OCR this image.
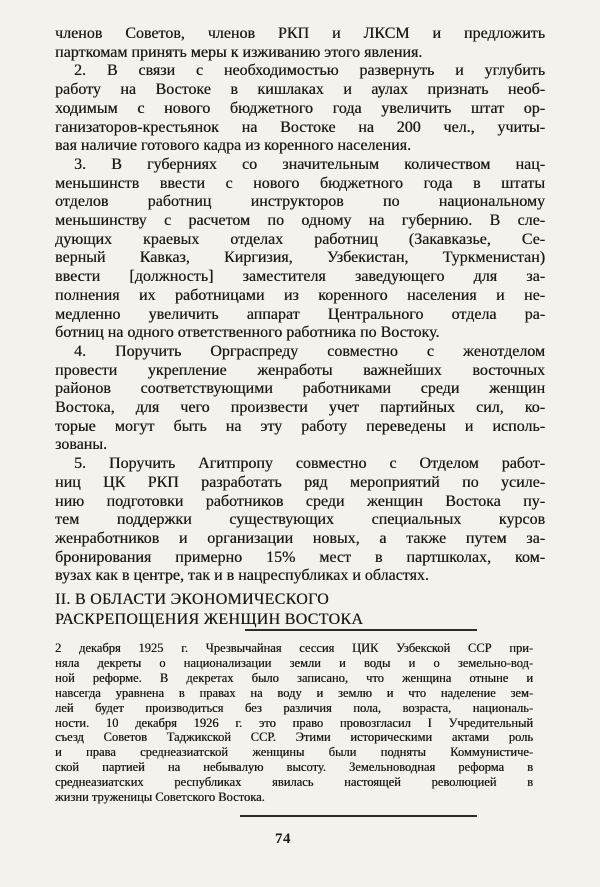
членов Советов, членов РКП и ЛКСМ и предложить
парткомам принять меры к изживанию этого явления.
2. В связи с необходимостью развернуть и углубить
работу на Востоке в кишлаках и аулах признать необ-
ходимым с нового бюджетного года увеличить штат ор-
ганизаторов-крестьянок на Востоке на 200 чел., учиты-
вая наличие готового кадра из коренного населения.
3. В губерниях со значительным количеством нац-
меньшинств ввести с нового бюджетного года в штаты
отделов работниц инструкторов по национальному
меньшинству с расчетом по одному на губернию. В сле-
дующих краевых отделах работниц (Закавказье, Се-
верный Кавказ, Киргизия, Узбекистан, Туркменистан)
ввести [должность] заместителя заведующего для за-
полнения их работницами из коренного населения и не-
медленно увеличить аппарат Центрального отдела ра-
ботниц на одного ответственного работника по Востоку.
4. Поручить Орграспреду совместно с женотделом
провести укрепление женработы важнейших восточных
районов соответствующими работниками среди женщин
Востока, для чего произвести учет партийных сил, ко-
торые могут быть на эту работу переведены и исполь-
зованы.
5. Поручить Агитпропу совместно с Отделом работ-
ниц ЦК РКП разработать ряд мероприятий по усиле-
нию подготовки работников среди женщин Востока пу-
тем поддержки существующих специальных курсов
женработников и организации новых, а также путем за-
бронирования примерно 15% мест в партшколах, ком-
вузах как в центре, так и в нацреспубликах и областях.
II. В ОБЛАСТИ ЭКОНОМИЧЕСКОГО
РАСКРЕПОЩЕНИЯ ЖЕНЩИН ВОСТОКА
2 декабря 1925 г. Чрезвычайная сессия ЦИК Узбекской ССР при-
няла декреты о национализации земли и воды и о земельно-вод-
ной реформе. В декретах было записано, что женщина отныне и
навсегда уравнена в правах на воду и землю и что наделение зем-
лей будет производиться без различия пола, возраста, националь-
ности. 10 декабря 1926 г. это право провозгласил I Учредительный
съезд Советов Таджикской ССР. Этими историческими актами роль
и права среднеазиатской женщины были подняты Коммунистиче-
ской партией на небывалую высоту. Земельноводная реформа в
среднеазиатских республиках явилась настоящей революцией в
жизни труженицы Советского Востока.
74
